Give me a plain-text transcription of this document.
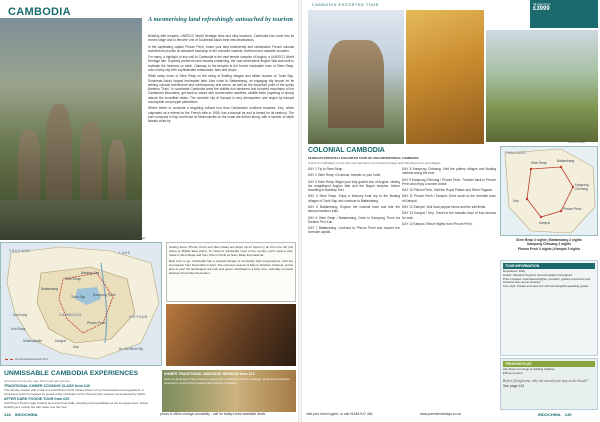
CAMBODIA
Tonle Sap
A mesmerising land refreshingly untouched by tourism

Bristling with temples, UNESCO World Heritage sites and silky beaches, Cambodia has come into its moves stage and to become one of Southeast Asia's best new destinations.

In the captivating capital Phnom Penh, brace your land biodiversity and ramshackle French colonial architecture provide an attractive backdrop to the colourful markets, riverfront and roadside wonders.

For many, a highlight of any visit to Cambodia is the vast temple complex of Angkor, a UNESCO World Heritage site. Superbly preserved and visually entrancing, the vast centrepiece Angkor Wat was built to replicate the heavens on earth. Gateway to the temples is the former backwater town of Siem Reap, now a lively city with sophisticated restaurants, bars and shops.

While away much of Siem Reap on the string of floating villages and stilted houses on Tonle Sap, Southeast Asia's largest freshwater lake. Also close to Battambang, an engaging city known for its striking colonial architecture and contemporary arts scene, as well as the departure point of the quirky Bamboo 'Train'. In southwest Cambodia amid the wildlife-rich rainforest and rumpled mountains of the Cardamom Mountains, get back to nature with conservation activities, wildlife-treks, kayaking or simply absorb the incredible vistas. The riverside city of Kampot is very atmospheric and ringed by tranquil countryside and pepper plantations.

Where better to conclude a beguiling cultural tour than Cambodia's southern beaches. Kep, which originated as a retreat for the French elite in 1908, has a tranquil air and is famed for its seafood. The pure sunspots in Kep and those at Sihanoukville on the coast are further along, with a number of idyllic islands close by.

THAILAND	LAOS
CAMBODIA	VIETNAM
Siem Reap
Banteay Srei
Battambang
Kampong Thom
Tonle Sap
Phnom Penh
Kampot
Kep
Koh Kong
Sihanoukville
Koh Rong
Ho Chi Minh City
Cambodia Escorted Tour

Getting there: Phnom Penh and Siem Reap are about 12-13 hours by air from the UK (via Asian or Middle East cities). To travel to Cambodia most of the country you'll need a visa; travel to Siem Reap and from Phnom Penh as Siem Reap International.

Best time to go: Cambodia has a tropical climate of constantly high temperatures, with the wet season from November to April. The monsoon season is May to October; however, at this time of year the landscapes are lush and green. Northeast is a drier time; Humidity is lowest between November-December.

UNMISSABLE CAMBODIA EXPERIENCES
Get more out of your stay. Prices are per person.
TRADITIONAL KHMER COOKING CLASS from £49
This full-day session with a visit to a local Phnom Penh market where to buy fresh produce and ingredients. A sumptuous lunch is prepared by guests under instruction of the chef and then enjoyed, accompanied by drinks.
AFTER DARK FOODIE TOUR from £69
Visit Phnom Penh's night markets and street food stalls, sampling local specialities as the sun goes down, before finishing at a rooftop bar with views over the river.
KHMER TRADITIONAL MASSAGE SESSION from £12
Visit to a local spa in Siem Reap to experience a traditional Khmer massage, an ancient technique designed to soothe tired muscles and improve circulation.
148 INDOCHINA	prices & offers change constantly - call for today's best available deals
CAMBODIA ESCORTED TOUR	18 days from
£3999
Banteay Kdei	Phnom Penh
COLONIAL CAMBODIA
18 NIGHTS PRIVATELY ESCORTED TOUR OF UNCONVENTIONAL CAMBODIA
Travel to Cambodia's iconic sites and experience its colonial heritage and charming towns and villages.

DAY 1 Fly to Siem Reap

DAY 2 Siem Reap. On arrival, transfer to your hotel.

DAY 3 Siem Reap. Begin your fully guided tour of Angkor, visiting the magnificent Angkor Wat and the Bayon temples, before travelling to Banteay Srei.

DAY 4 Siem Reap. Enjoy a leisurely boat trip to the floating villages of Tonle Sap and continue to Battambang.

DAY 5 Battambang. Explore the colonial town and ride the famous bamboo train.

DAY 6 Siem Reap / Battambang. Drive to Kampong Thom via Sambor Prei Kuk.

DAY 7 Battambang. Continue to Phnom Penh and explore the riverside capital.

DAY 8 Kampong Chhnang. Visit the pottery villages and floating markets along the river.

DAY 9 Kampong Chhnang / Phnom Penh. Transfer back to Phnom Penh and enjoy a sunset cruise.

DAY 10 Phnom Penh. Visit the Royal Palace and Silver Pagoda.

DAY 11 Phnom Penh / Kampot. Drive south to the riverside town of Kampot.

DAY 12 Kampot. Visit local pepper farms and the salt fields.

DAY 13 Kampot / Kep. Travel to the seaside town of Kep famous for crab.

DAY 14 Kampot. Return flights from Phnom Penh.

THAILAND
Siem Reap	Battambang
Kampong Chhnang
Phnom Penh
Kampot
Kep

Siem Reap 3 nights | Battambang 2 nights

Kampong Chhnang 2 nights

Phnom Penh 3 nights | Kampot 3 nights

TOUR INFORMATION
Departures: Daily
Hotels: Standard Superior accommodation throughout
Price includes: International flights, transfers, guided excursions and entrance fees as per itinerary
Tour style: Private escorted tour with local English-speaking guides
TREKKER PLUS
Ask about our range of trekking holidays
£45 per person
Before flying home, why not extend your stay at the beach?
See page 142
visit your travel agent, or call 01484 917 464	www.premierholidays.co.uk	INDOCHINA 149
